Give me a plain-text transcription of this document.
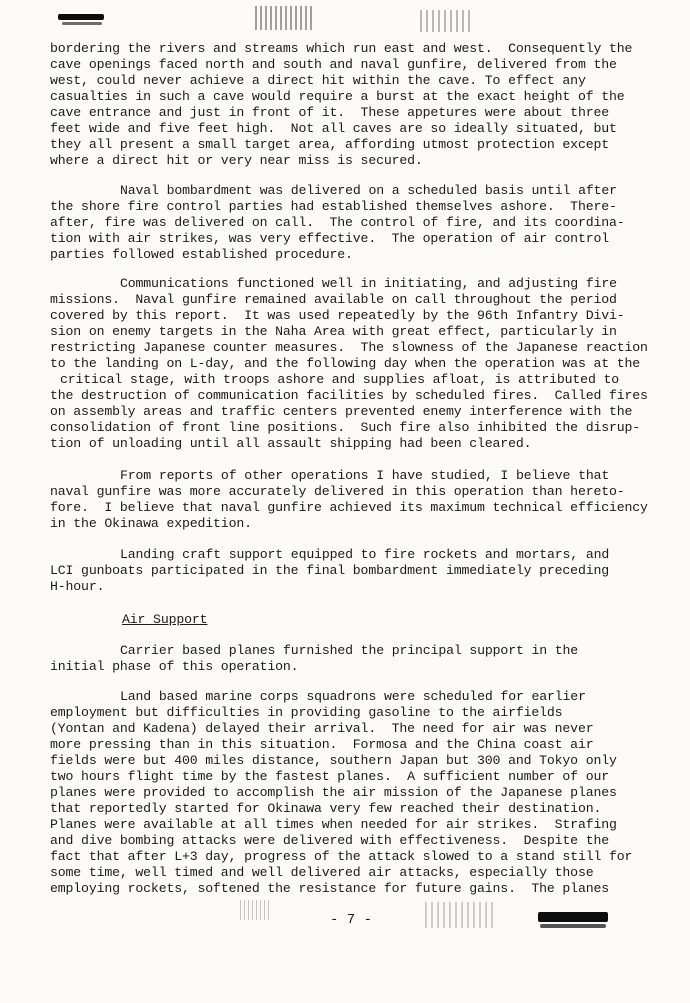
bordering the rivers and streams which run east and west.  Consequently the
cave openings faced north and south and naval gunfire, delivered from the
west, could never achieve a direct hit within the cave. To effect any
casualties in such a cave would require a burst at the exact height of the
cave entrance and just in front of it.  These appetures were about three
feet wide and five feet high.  Not all caves are so ideally situated, but
they all present a small target area, affording utmost protection except
where a direct hit or very near miss is secured.
Naval bombardment was delivered on a scheduled basis until after
the shore fire control parties had established themselves ashore.  There-
after, fire was delivered on call.  The control of fire, and its coordina-
tion with air strikes, was very effective.  The operation of air control
parties followed established procedure.
Communications functioned well in initiating, and adjusting fire
missions.  Naval gunfire remained available on call throughout the period
covered by this report.  It was used repeatedly by the 96th Infantry Divi-
sion on enemy targets in the Naha Area with great effect, particularly in
restricting Japanese counter measures.  The slowness of the Japanese reaction
to the landing on L-day, and the following day when the operation was at the
critical stage, with troops ashore and supplies afloat, is attributed to
the destruction of communication facilities by scheduled fires.  Called fires
on assembly areas and traffic centers prevented enemy interference with the
consolidation of front line positions.  Such fire also inhibited the disrup-
tion of unloading until all assault shipping had been cleared.
From reports of other operations I have studied, I believe that
naval gunfire was more accurately delivered in this operation than hereto-
fore.  I believe that naval gunfire achieved its maximum technical efficiency
in the Okinawa expedition.
Landing craft support equipped to fire rockets and mortars, and
LCI gunboats participated in the final bombardment immediately preceding
H-hour.
Air Support
Carrier based planes furnished the principal support in the
initial phase of this operation.
Land based marine corps squadrons were scheduled for earlier
employment but difficulties in providing gasoline to the airfields
(Yontan and Kadena) delayed their arrival.  The need for air was never
more pressing than in this situation.  Formosa and the China coast air
fields were but 400 miles distance, southern Japan but 300 and Tokyo only
two hours flight time by the fastest planes.  A sufficient number of our
planes were provided to accomplish the air mission of the Japanese planes
that reportedly started for Okinawa very few reached their destination.
Planes were available at all times when needed for air strikes.  Strafing
and dive bombing attacks were delivered with effectiveness.  Despite the
fact that after L+3 day, progress of the attack slowed to a stand still for
some time, well timed and well delivered air attacks, especially those
employing rockets, softened the resistance for future gains.  The planes
- 7 -
